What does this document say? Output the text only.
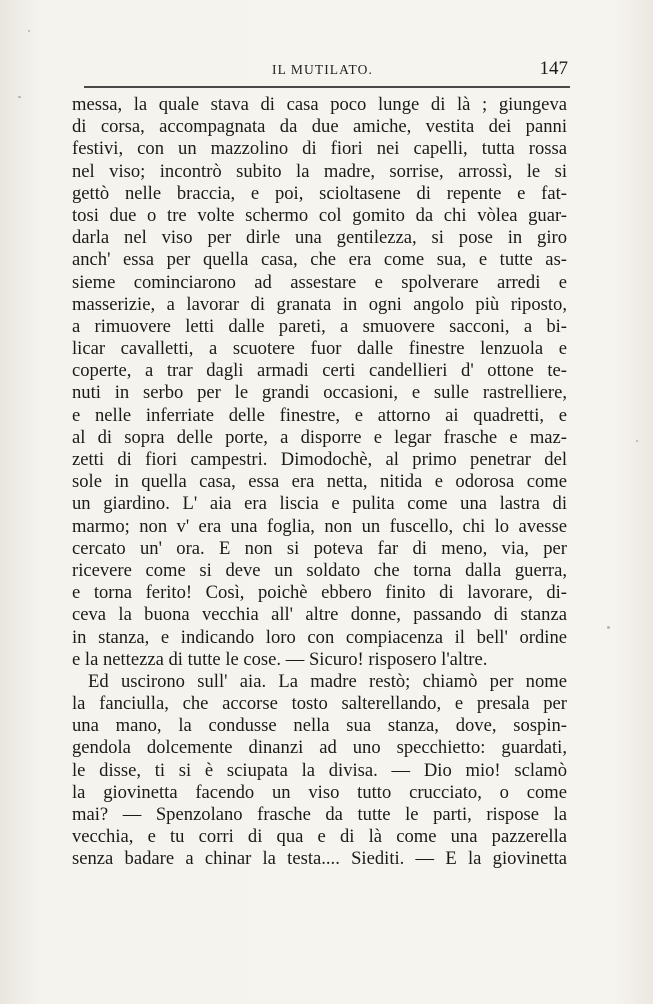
IL MUTILATO.	147
messa, la quale stava di casa poco lunge di là ; giungeva
di corsa, accompagnata da due amiche, vestita dei panni
festivi, con un mazzolino di fiori nei capelli, tutta rossa
nel viso; incontrò subito la madre, sorrise, arrossì, le si
gettò nelle braccia, e poi, scioltasene di repente e fat-
tosi due o tre volte schermo col gomito da chi vòlea guar-
darla nel viso per dirle una gentilezza, si pose in giro
anch' essa per quella casa, che era come sua, e tutte as-
sieme cominciarono ad assestare e spolverare arredi e
masserizie, a lavorar di granata in ogni angolo più riposto,
a rimuovere letti dalle pareti, a smuovere sacconi, a bi-
licar cavalletti, a scuotere fuor dalle finestre lenzuola e
coperte, a trar dagli armadi certi candellieri d' ottone te-
nuti in serbo per le grandi occasioni, e sulle rastrelliere,
e nelle inferriate delle finestre, e attorno ai quadretti, e
al di sopra delle porte, a disporre e legar frasche e maz-
zetti di fiori campestri. Dimodochè, al primo penetrar del
sole in quella casa, essa era netta, nitida e odorosa come
un giardino. L' aia era liscia e pulita come una lastra di
marmo; non v' era una foglia, non un fuscello, chi lo avesse
cercato un' ora. E non si poteva far di meno, via, per
ricevere come si deve un soldato che torna dalla guerra,
e torna ferito! Così, poichè ebbero finito di lavorare, di-
ceva la buona vecchia all' altre donne, passando di stanza
in stanza, e indicando loro con compiacenza il bell' ordine
e la nettezza di tutte le cose. — Sicuro! risposero l'altre.
Ed uscirono sull' aia. La madre restò; chiamò per nome
la fanciulla, che accorse tosto salterellando, e presala per
una mano, la condusse nella sua stanza, dove, sospin-
gendola dolcemente dinanzi ad uno specchietto: guardati,
le disse, ti si è sciupata la divisa. — Dio mio! sclamò
la giovinetta facendo un viso tutto crucciato, o come
mai? — Spenzolano frasche da tutte le parti, rispose la
vecchia, e tu corri di qua e di là come una pazzerella
senza badare a chinar la testa.... Siediti. — E la giovinetta
